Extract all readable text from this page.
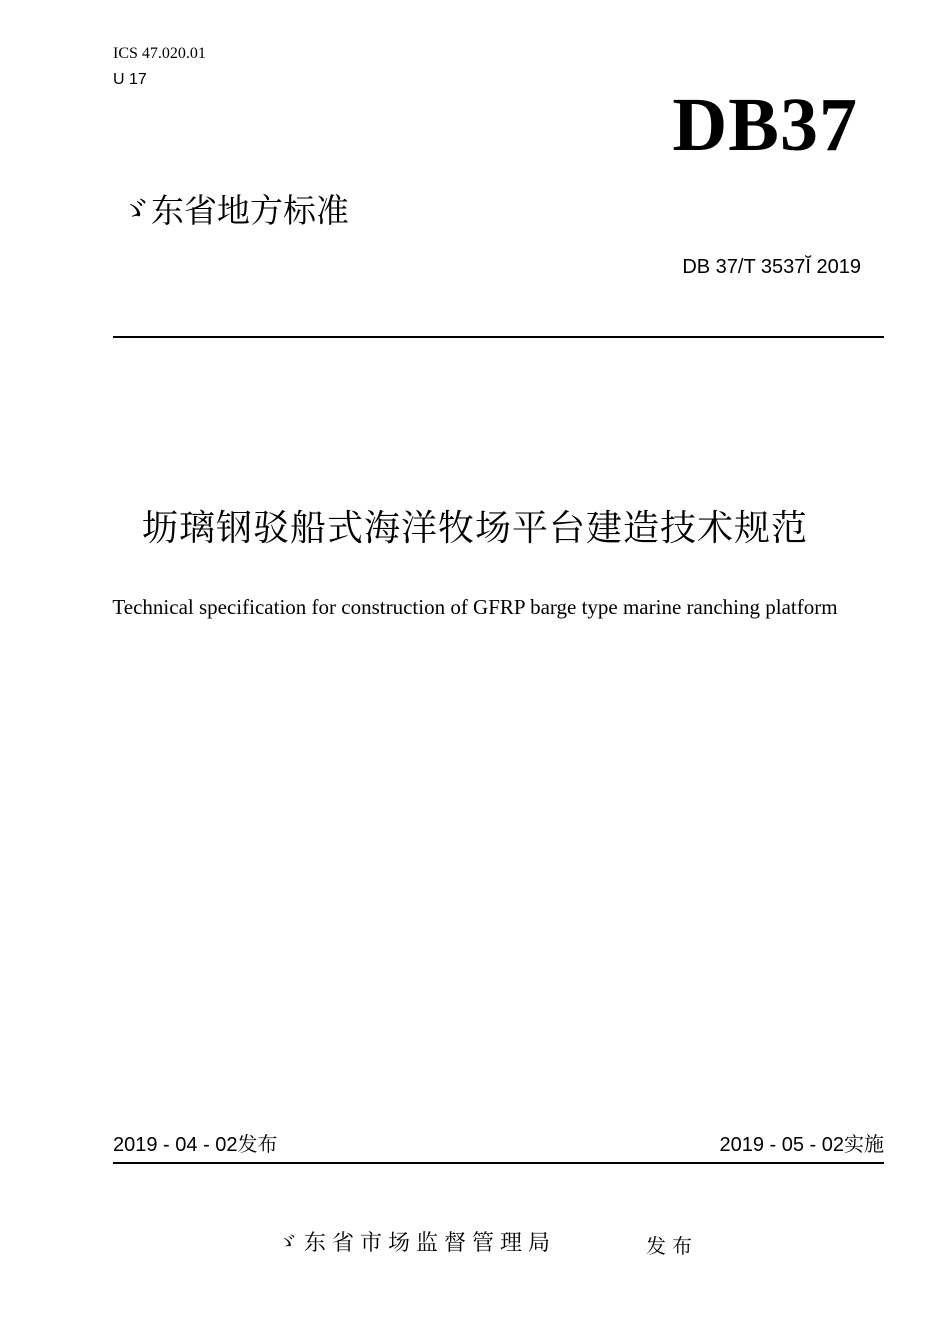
ICS 47.020.01
U 17
DB37
ゞ东省地方标准
DB 37/T 3537Ĭ 2019
坜璃钢驳船式海洋牧场平台建造技术规范
Technical specification for construction of GFRP barge type marine ranching platform
2019 - 04 - 02发布	2019 - 05 - 02实施
ゞ东省市场监督管理局	发布
